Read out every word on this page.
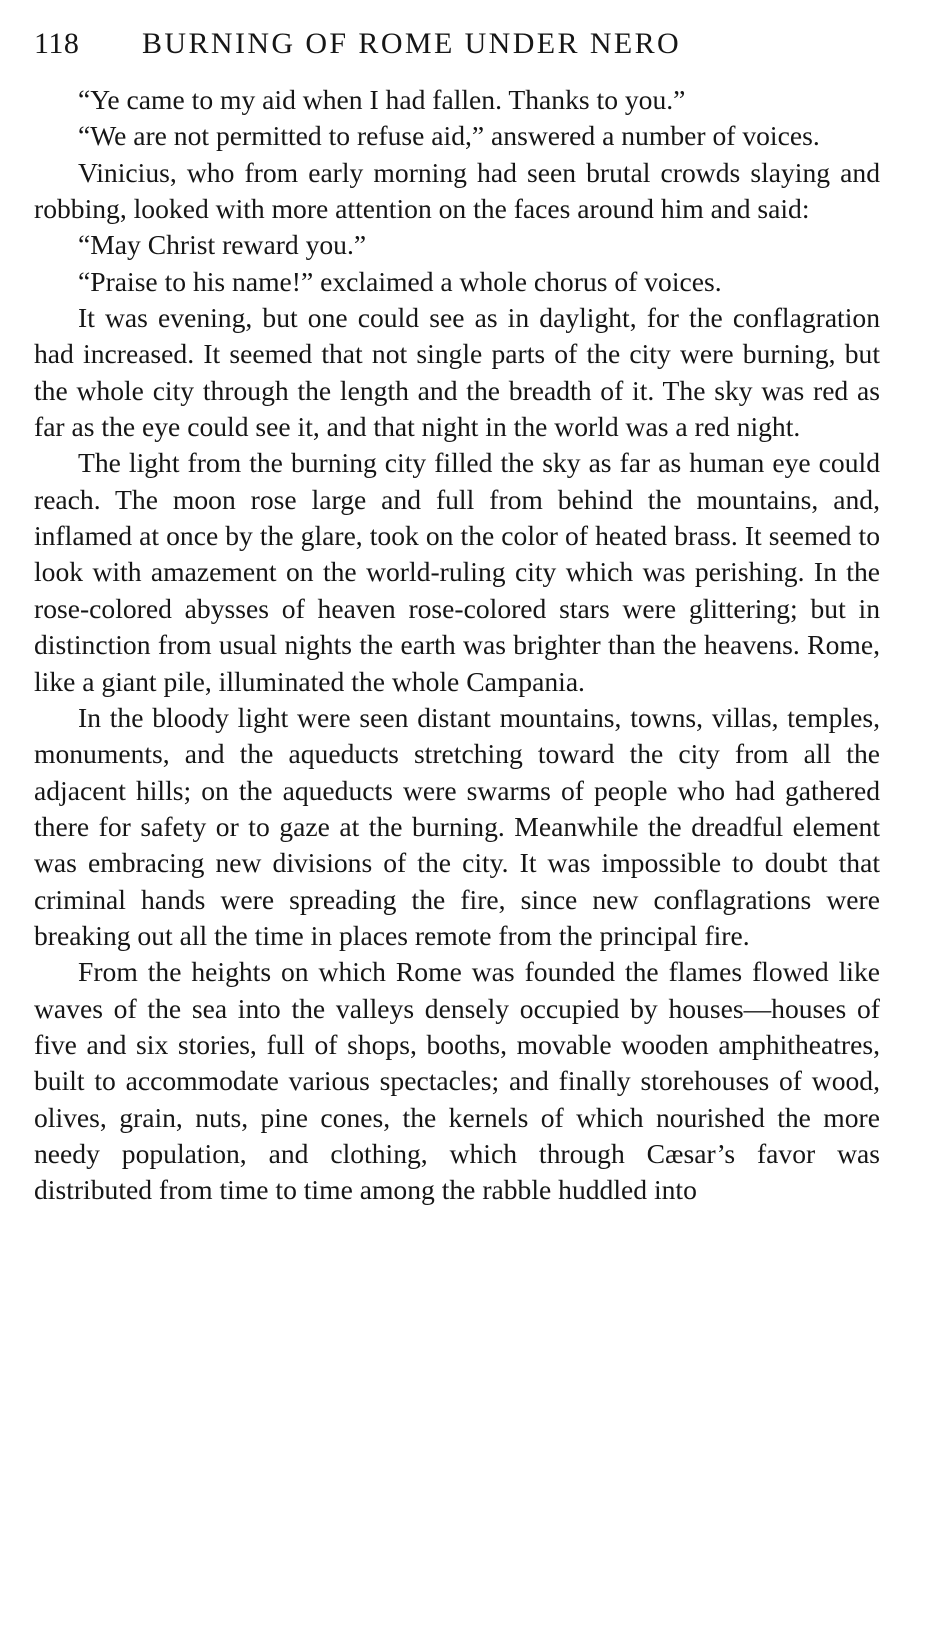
118	BURNING OF ROME UNDER NERO

“Ye came to my aid when I had fallen. Thanks to you.”

“We are not permitted to refuse aid,” answered a number of voices.

Vinicius, who from early morning had seen brutal crowds slaying and robbing, looked with more attention on the faces around him and said:

“May Christ reward you.”

“Praise to his name!” exclaimed a whole chorus of voices.

It was evening, but one could see as in daylight, for the conflagration had increased. It seemed that not single parts of the city were burning, but the whole city through the length and the breadth of it. The sky was red as far as the eye could see it, and that night in the world was a red night.

The light from the burning city filled the sky as far as human eye could reach. The moon rose large and full from behind the mountains, and, inflamed at once by the glare, took on the color of heated brass. It seemed to look with amazement on the world-ruling city which was perishing. In the rose-colored abysses of heaven rose-colored stars were glittering; but in distinction from usual nights the earth was brighter than the heavens. Rome, like a giant pile, illuminated the whole Campania.

In the bloody light were seen distant mountains, towns, villas, temples, monuments, and the aqueducts stretching toward the city from all the adjacent hills; on the aqueducts were swarms of people who had gathered there for safety or to gaze at the burning. Meanwhile the dreadful element was embracing new divisions of the city. It was impossible to doubt that criminal hands were spreading the fire, since new conflagrations were breaking out all the time in places remote from the principal fire.

From the heights on which Rome was founded the flames flowed like waves of the sea into the valleys densely occupied by houses—houses of five and six stories, full of shops, booths, movable wooden amphitheatres, built to accommodate various spectacles; and finally storehouses of wood, olives, grain, nuts, pine cones, the kernels of which nourished the more needy population, and clothing, which through Cæsar’s favor was distributed from time to time among the rabble huddled into
